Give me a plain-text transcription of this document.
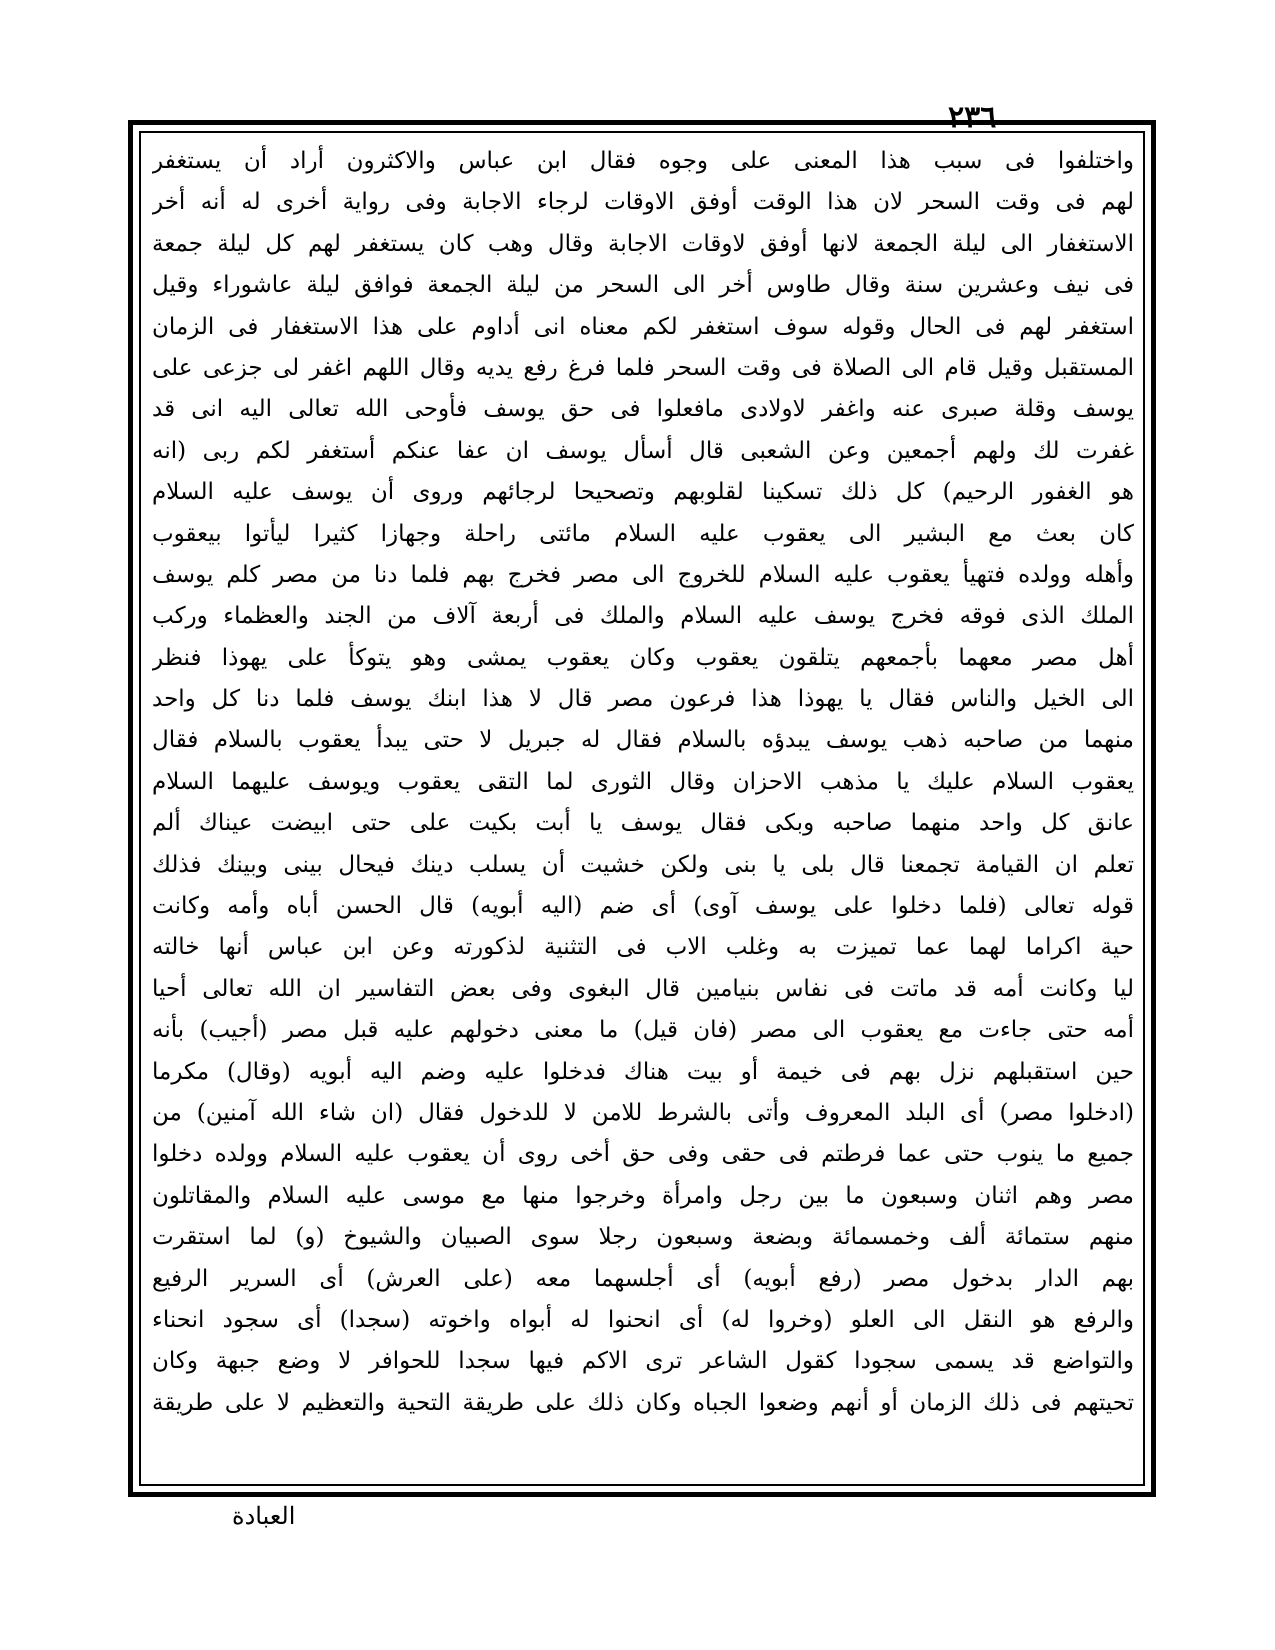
٢٣٦
واختلفوا فى سبب هذا المعنى على وجوه فقال ابن عباس والاكثرون أراد أن يستغفر
لهم فى وقت السحر لان هذا الوقت أوفق الاوقات لرجاء الاجابة وفى رواية أخرى له أنه أخر
الاستغفار الى ليلة الجمعة لانها أوفق لاوقات الاجابة وقال وهب كان يستغفر لهم كل ليلة جمعة
فى نيف وعشرين سنة وقال طاوس أخر الى السحر من ليلة الجمعة فوافق ليلة عاشوراء وقيل
استغفر لهم فى الحال وقوله سوف استغفر لكم معناه انى أداوم على هذا الاستغفار فى الزمان
المستقبل وقيل قام الى الصلاة فى وقت السحر فلما فرغ رفع يديه وقال اللهم اغفر لى جزعى على
يوسف وقلة صبرى عنه واغفر لاولادى مافعلوا فى حق يوسف فأوحى الله تعالى اليه انى قد
غفرت لك ولهم أجمعين وعن الشعبى قال أسأل يوسف ان عفا عنكم أستغفر لكم ربى (انه
هو الغفور الرحيم) كل ذلك تسكينا لقلوبهم وتصحيحا لرجائهم وروى أن يوسف عليه السلام
كان بعث مع البشير الى يعقوب عليه السلام مائتى راحلة وجهازا كثيرا ليأتوا بيعقوب
وأهله وولده فتهيأ يعقوب عليه السلام للخروج الى مصر فخرج بهم فلما دنا من مصر كلم يوسف
الملك الذى فوقه فخرج يوسف عليه السلام والملك فى أربعة آلاف من الجند والعظماء وركب
أهل مصر معهما بأجمعهم يتلقون يعقوب وكان يعقوب يمشى وهو يتوكأ على يهوذا فنظر
الى الخيل والناس فقال يا يهوذا هذا فرعون مصر قال لا هذا ابنك يوسف فلما دنا كل واحد
منهما من صاحبه ذهب يوسف يبدؤه بالسلام فقال له جبريل لا حتى يبدأ يعقوب بالسلام فقال
يعقوب السلام عليك يا مذهب الاحزان وقال الثورى لما التقى يعقوب ويوسف عليهما السلام
عانق كل واحد منهما صاحبه وبكى فقال يوسف يا أبت بكيت على حتى ابيضت عيناك ألم
تعلم ان القيامة تجمعنا قال بلى يا بنى ولكن خشيت أن يسلب دينك فيحال بينى وبينك فذلك
قوله تعالى (فلما دخلوا على يوسف آوى) أى ضم (اليه أبويه) قال الحسن أباه وأمه وكانت
حية اكراما لهما عما تميزت به وغلب الاب فى التثنية لذكورته وعن ابن عباس أنها خالته
ليا وكانت أمه قد ماتت فى نفاس بنيامين قال البغوى وفى بعض التفاسير ان الله تعالى أحيا
أمه حتى جاءت مع يعقوب الى مصر (فان قيل) ما معنى دخولهم عليه قبل مصر (أجيب) بأنه
حين استقبلهم نزل بهم فى خيمة أو بيت هناك فدخلوا عليه وضم اليه أبويه (وقال) مكرما
(ادخلوا مصر) أى البلد المعروف وأتى بالشرط للامن لا للدخول فقال (ان شاء الله آمنين) من
جميع ما ينوب حتى عما فرطتم فى حقى وفى حق أخى روى أن يعقوب عليه السلام وولده دخلوا
مصر وهم اثنان وسبعون ما بين رجل وامرأة وخرجوا منها مع موسى عليه السلام والمقاتلون
منهم ستمائة ألف وخمسمائة وبضعة وسبعون رجلا سوى الصبيان والشيوخ (و) لما استقرت
بهم الدار بدخول مصر (رفع أبويه) أى أجلسهما معه (على العرش) أى السرير الرفيع
والرفع هو النقل الى العلو (وخروا له) أى انحنوا له أبواه واخوته (سجدا) أى سجود انحناء
والتواضع قد يسمى سجودا كقول الشاعر ترى الاكم فيها سجدا للحوافر لا وضع جبهة وكان
تحيتهم فى ذلك الزمان أو أنهم وضعوا الجباه وكان ذلك على طريقة التحية والتعظيم لا على طريقة
العبادة
